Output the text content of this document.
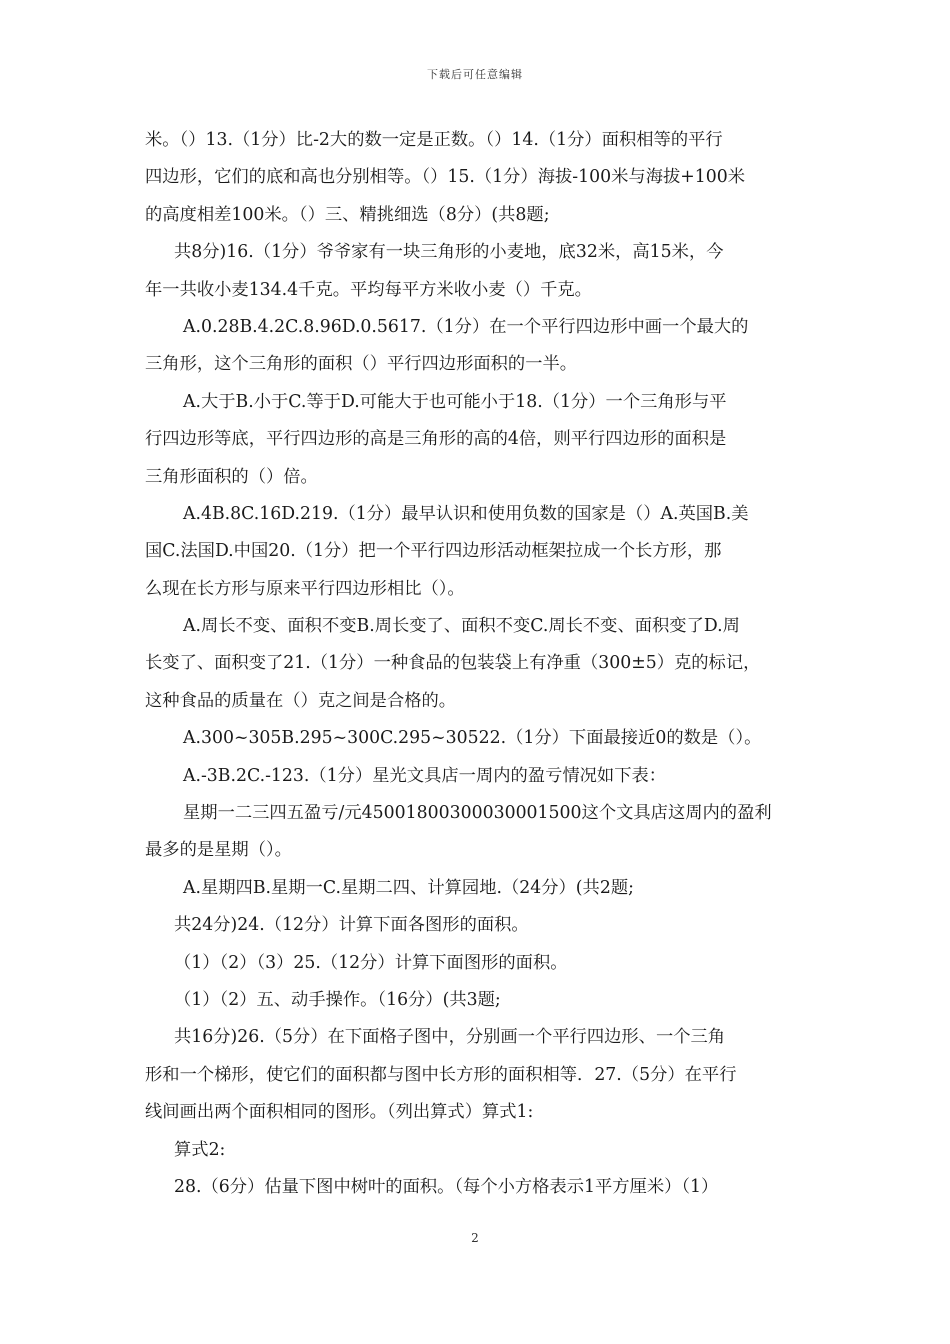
下载后可任意编辑
米。（）13.（1分）比-2大的数一定是正数。（）14.（1分）面积相等的平行
四边形，它们的底和高也分别相等。（）15.（1分）海拔-100米与海拔+100米
的高度相差100米。（）三、精挑细选（8分）(共8题;
共8分)16.（1分）爷爷家有一块三角形的小麦地，底32米，高15米，今
年一共收小麦134.4千克。平均每平方米收小麦（）千克。
A.0.28B.4.2C.8.96D.0.5617.（1分）在一个平行四边形中画一个最大的
三角形，这个三角形的面积（）平行四边形面积的一半。
A.大于B.小于C.等于D.可能大于也可能小于18.（1分）一个三角形与平
行四边形等底，平行四边形的高是三角形的高的4倍，则平行四边形的面积是
三角形面积的（）倍。
A.4B.8C.16D.219.（1分）最早认识和使用负数的国家是（）A.英国B.美
国C.法国D.中国20.（1分）把一个平行四边形活动框架拉成一个长方形，那
么现在长方形与原来平行四边形相比（）。
A.周长不变、面积不变B.周长变了、面积不变C.周长不变、面积变了D.周
长变了、面积变了21.（1分）一种食品的包装袋上有净重（300±5）克的标记，
这种食品的质量在（）克之间是合格的。
A.300~305B.295~300C.295~30522.（1分）下面最接近0的数是（）。
A.-3B.2C.-123.（1分）星光文具店一周内的盈亏情况如下表：
星期一二三四五盈亏/元45001800300030001500这个文具店这周内的盈利
最多的是星期（）。
A.星期四B.星期一C.星期二四、计算园地.（24分）(共2题;
共24分)24.（12分）计算下面各图形的面积。
（1）（2）（3）25.（12分）计算下面图形的面积。
（1）（2）五、动手操作。（16分）(共3题;
共16分)26.（5分）在下面格子图中，分别画一个平行四边形、一个三角
形和一个梯形，使它们的面积都与图中长方形的面积相等．27.（5分）在平行
线间画出两个面积相同的图形。（列出算式）算式1:
算式2:
28.（6分）估量下图中树叶的面积。（每个小方格表示1平方厘米）（1）
2
